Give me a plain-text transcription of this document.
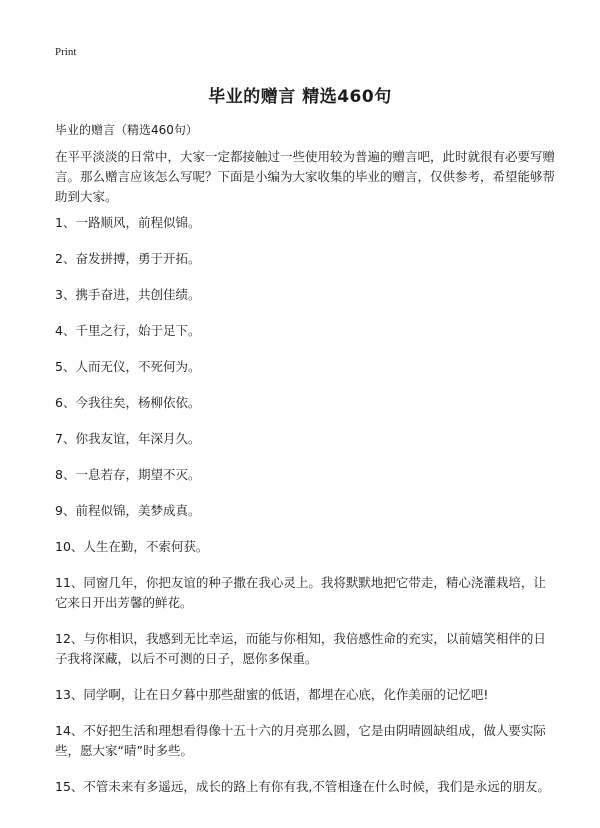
Print
毕业的赠言 精选460句
毕业的赠言（精选460句）

在平平淡淡的日常中，大家一定都接触过一些使用较为普遍的赠言吧，此时就很有必要写赠言。那么赠言应该怎么写呢？下面是小编为大家收集的毕业的赠言，仅供参考，希望能够帮助到大家。

1、一路顺风，前程似锦。
2、奋发拼搏，勇于开拓。
3、携手奋进，共创佳绩。
4、千里之行，始于足下。
5、人而无仪，不死何为。
6、今我往矣，杨柳依依。
7、你我友谊，年深月久。
8、一息若存，期望不灭。
9、前程似锦，美梦成真。
10、人生在勤，不索何获。
11、同窗几年，你把友谊的种子撒在我心灵上。我将默默地把它带走，精心浇灌栽培，让它来日开出芳馨的鲜花。
12、与你相识，我感到无比幸运，而能与你相知，我倍感性命的充实，以前嬉笑相伴的日子我将深藏，以后不可测的日子，愿你多保重。
13、同学啊，让在日夕暮中那些甜蜜的低语，都埋在心底，化作美丽的记忆吧!
14、不好把生活和理想看得像十五十六的月亮那么圆，它是由阴晴圆缺组成，做人要实际些，愿大家“晴”时多些。
15、不管未来有多遥远，成长的路上有你有我,不管相逢在什么时候，我们是永远的朋友。
